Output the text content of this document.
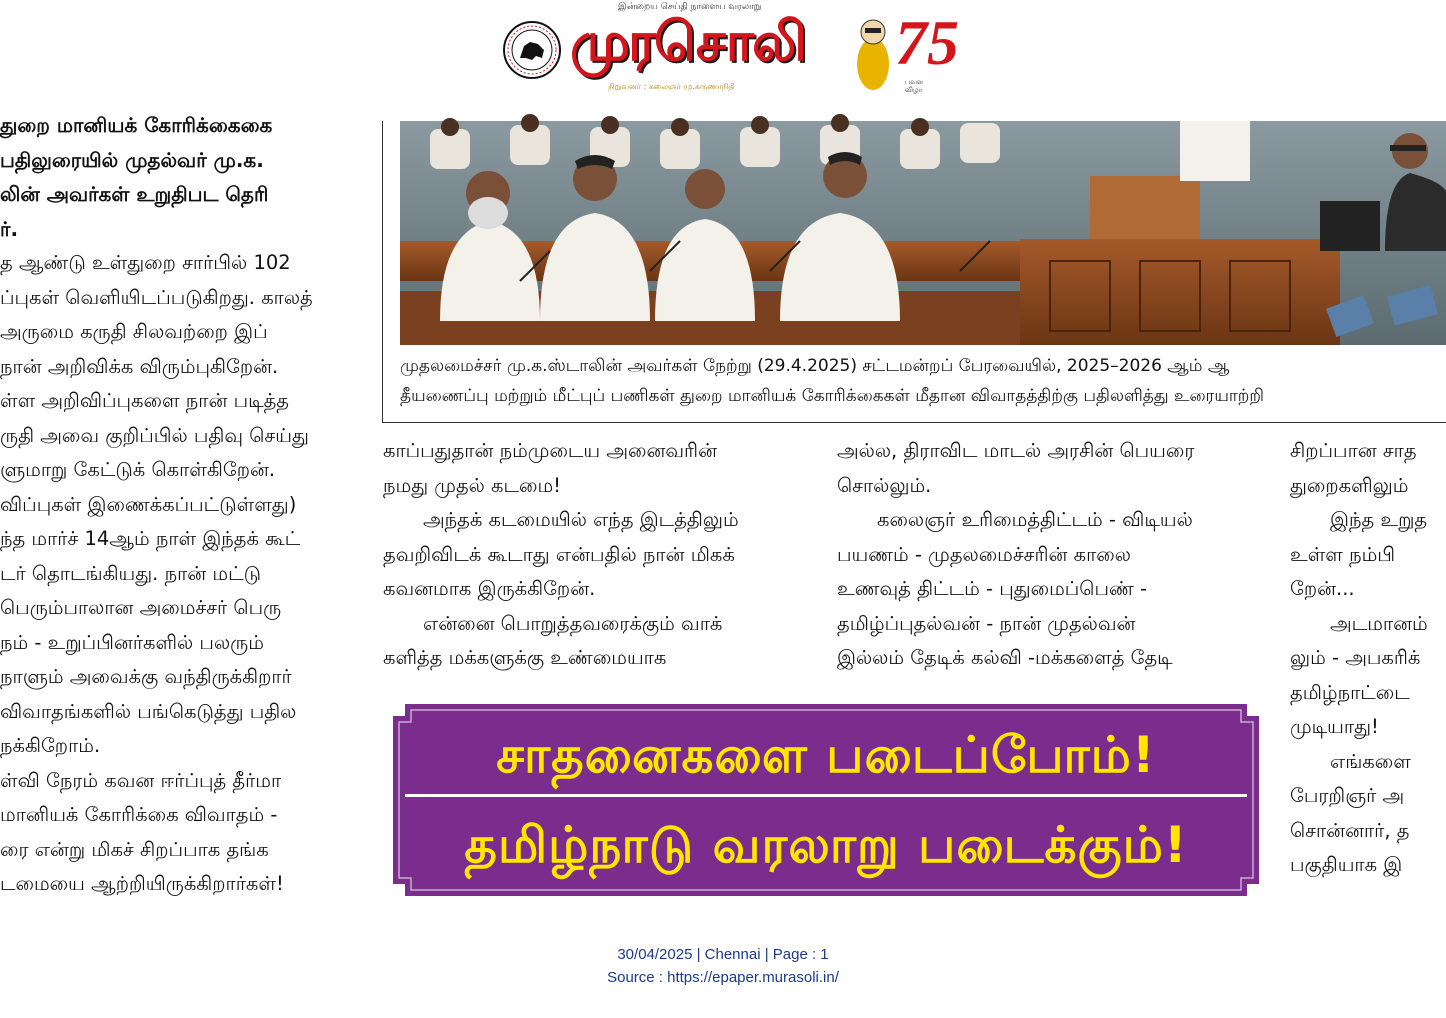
இன்றைய செய்தி நாளைய வரலாறு
முரசொலி
நிறுவனர் : கலைஞர் மு.கருணாநிதி
75
பவள
விழா

துறை மானியக் கோரிக்கைகை

பதிலுரையில் முதல்வர் மு.க.

லின் அவர்கள் உறுதிபட தெரி

ர்.

த ஆண்டு உள்துறை சார்பில் 102

ப்புகள் வெளியிடப்படுகிறது. காலத்

அருமை கருதி சிலவற்றை இப்

நான் அறிவிக்க விரும்புகிறேன்.

ள்ள அறிவிப்புகளை நான் படித்த

ருதி அவை குறிப்பில் பதிவு செய்து

ளுமாறு கேட்டுக் கொள்கிறேன்.

விப்புகள் இணைக்கப்பட்டுள்ளது)

ந்த மார்ச் 14ஆம் நாள் இந்தக் கூட்

டர் தொடங்கியது. நான் மட்டு

பெரும்பாலான அமைச்சர் பெரு

நம் - உறுப்பினர்களில் பலரும்

நாளும் அவைக்கு வந்திருக்கிறார்

விவாதங்களில் பங்கெடுத்து பதில

நக்கிறோம்.

ள்வி நேரம் கவன ஈர்ப்புத் தீர்மா

மானியக் கோரிக்கை விவாதம் -

ரை என்று மிகச் சிறப்பாக தங்க

டமையை ஆற்றியிருக்கிறார்கள்!

முதலமைச்சர் மு.க.ஸ்டாலின் அவர்கள் நேற்று (29.4.2025) சட்டமன்றப் பேரவையில், 2025–2026 ஆம் ஆ
தீயணைப்பு மற்றும் மீட்புப் பணிகள் துறை மானியக் கோரிக்கைகள் மீதான விவாதத்திற்கு பதிலளித்து உரையாற்றி

காப்பதுதான் நம்முடைய அனைவரின்

நமது முதல் கடமை!

அந்தக் கடமையில் எந்த இடத்திலும்

தவறிவிடக் கூடாது என்பதில் நான் மிகக்

கவனமாக இருக்கிறேன்.

என்னை பொறுத்தவரைக்கும் வாக்

களித்த மக்களுக்கு உண்மையாக

அல்ல, திராவிட மாடல் அரசின் பெயரை

சொல்லும்.

கலைஞர் உரிமைத்திட்டம் - விடியல்

பயணம் - முதலமைச்சரின் காலை

உணவுத் திட்டம் - புதுமைப்பெண் -

தமிழ்ப்புதல்வன் - நான் முதல்வன்

இல்லம் தேடிக் கல்வி -மக்களைத் தேடி

சிறப்பான சாத

துறைகளிலும்

இந்த உறுத

உள்ள நம்பி

றேன்...

அடமானம்

லும் - அபகரிக்

தமிழ்நாட்டை

முடியாது!

எங்களை

பேரறிஞர் அ

சொன்னார், த

பகுதியாக இ

சாதனைகளை படைப்போம்!
தமிழ்நாடு வரலாறு படைக்கும்!
30/04/2025 | Chennai | Page : 1
Source : https://epaper.murasoli.in/
